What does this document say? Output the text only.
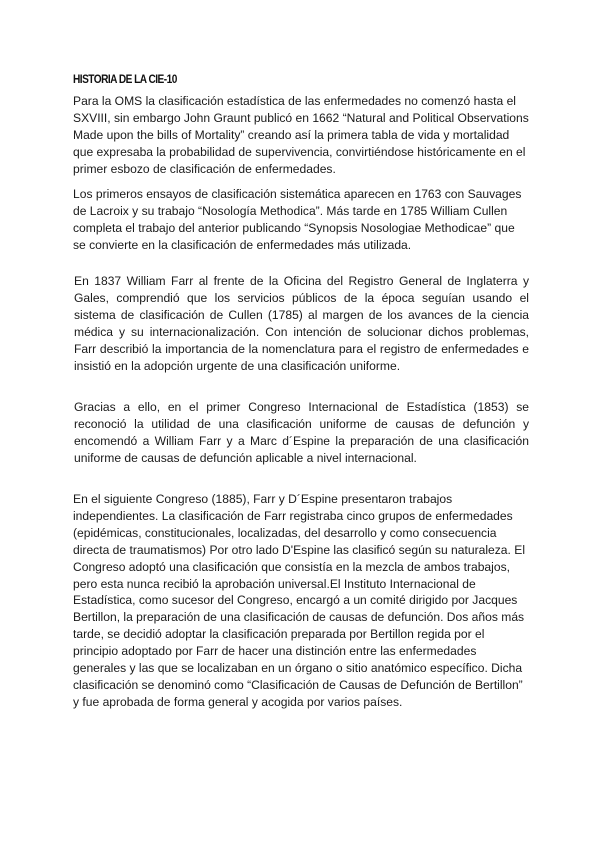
HISTORIA DE LA CIE-10

Para la OMS la clasificación estadística de las enfermedades no comenzó hasta el SXVIII, sin embargo John Graunt publicó en 1662 “Natural and Political Observations Made upon the bills of Mortality” creando así la primera tabla de vida y mortalidad que expresaba la probabilidad de supervivencia, convirtiéndose históricamente en el primer esbozo de clasificación de enfermedades.

Los primeros ensayos de clasificación sistemática aparecen en 1763 con Sauvages de Lacroix y su trabajo “Nosología Methodica”. Más tarde en 1785 William Cullen completa el trabajo del anterior publicando “Synopsis Nosologiae Methodicae” que se convierte en la clasificación de enfermedades más utilizada.

En 1837 William Farr al frente de la Oficina del Registro General de Inglaterra y Gales, comprendió que los servicios públicos de la época seguían usando el sistema de clasificación de Cullen (1785) al margen de los avances de la ciencia médica y su internacionalización. Con intención de solucionar dichos problemas, Farr describió la importancia de la nomenclatura para el registro de enfermedades e insistió en la adopción urgente de una clasificación uniforme.

Gracias a ello, en el primer Congreso Internacional de Estadística (1853) se reconoció la utilidad de una clasificación uniforme de causas de defunción y encomendó a William Farr y a Marc d´Espine la preparación de una clasificación uniforme de causas de defunción aplicable a nivel internacional.

En el siguiente Congreso (1885), Farr y D´Espine presentaron trabajos independientes. La clasificación de Farr registraba cinco grupos de enfermedades (epidémicas, constitucionales, localizadas, del desarrollo y como consecuencia directa de traumatismos) Por otro lado D'Espine las clasificó según su naturaleza. El Congreso adoptó una clasificación que consistía en la mezcla de ambos trabajos, pero esta nunca recibió la aprobación universal.El Instituto Internacional de Estadística, como sucesor del Congreso, encargó a un comité dirigido por Jacques Bertillon, la preparación de una clasificación de causas de defunción. Dos años más tarde, se decidió adoptar la clasificación preparada por Bertillon regida por el principio adoptado por Farr de hacer una distinción entre las enfermedades generales y las que se localizaban en un órgano o sitio anatómico específico. Dicha clasificación se denominó como “Clasificación de Causas de Defunción de Bertillon” y fue aprobada de forma general y acogida por varios países.
